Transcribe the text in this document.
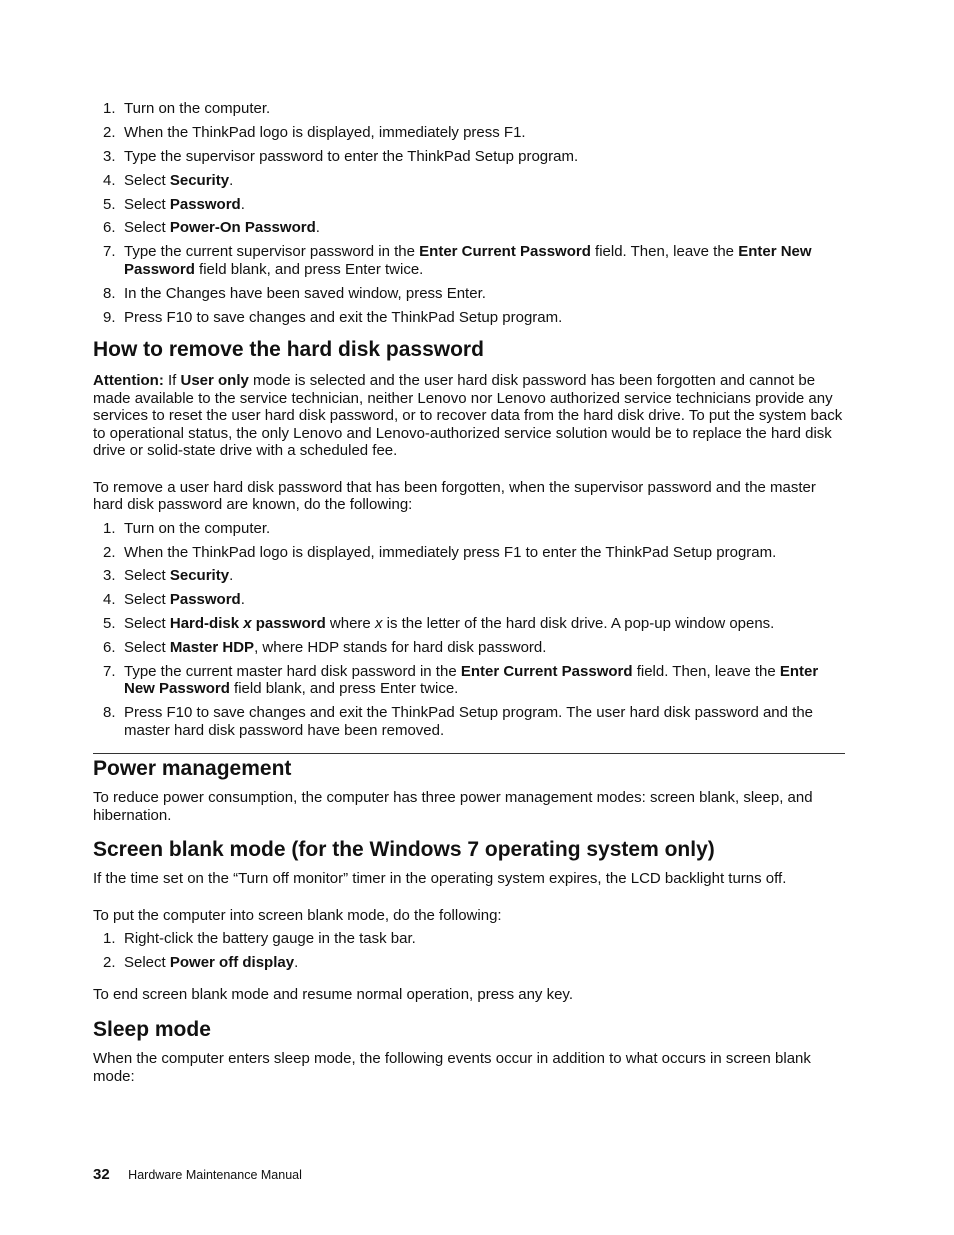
1. Turn on the computer.
2. When the ThinkPad logo is displayed, immediately press F1.
3. Type the supervisor password to enter the ThinkPad Setup program.
4. Select Security.
5. Select Password.
6. Select Power-On Password.
7. Type the current supervisor password in the Enter Current Password field. Then, leave the Enter New Password field blank, and press Enter twice.
8. In the Changes have been saved window, press Enter.
9. Press F10 to save changes and exit the ThinkPad Setup program.
How to remove the hard disk password

Attention: If User only mode is selected and the user hard disk password has been forgotten and cannot be made available to the service technician, neither Lenovo nor Lenovo authorized service technicians provide any services to reset the user hard disk password, or to recover data from the hard disk drive. To put the system back to operational status, the only Lenovo and Lenovo-authorized service solution would be to replace the hard disk drive or solid-state drive with a scheduled fee.

To remove a user hard disk password that has been forgotten, when the supervisor password and the master hard disk password are known, do the following:

1. Turn on the computer.
2. When the ThinkPad logo is displayed, immediately press F1 to enter the ThinkPad Setup program.
3. Select Security.
4. Select Password.
5. Select Hard-disk x password where x is the letter of the hard disk drive. A pop-up window opens.
6. Select Master HDP, where HDP stands for hard disk password.
7. Type the current master hard disk password in the Enter Current Password field. Then, leave the Enter New Password field blank, and press Enter twice.
8. Press F10 to save changes and exit the ThinkPad Setup program. The user hard disk password and the master hard disk password have been removed.
Power management

To reduce power consumption, the computer has three power management modes: screen blank, sleep, and hibernation.

Screen blank mode (for the Windows 7 operating system only)

If the time set on the “Turn off monitor” timer in the operating system expires, the LCD backlight turns off.

To put the computer into screen blank mode, do the following:

1. Right-click the battery gauge in the task bar.
2. Select Power off display.

To end screen blank mode and resume normal operation, press any key.

Sleep mode

When the computer enters sleep mode, the following events occur in addition to what occurs in screen blank mode:

32 Hardware Maintenance Manual
